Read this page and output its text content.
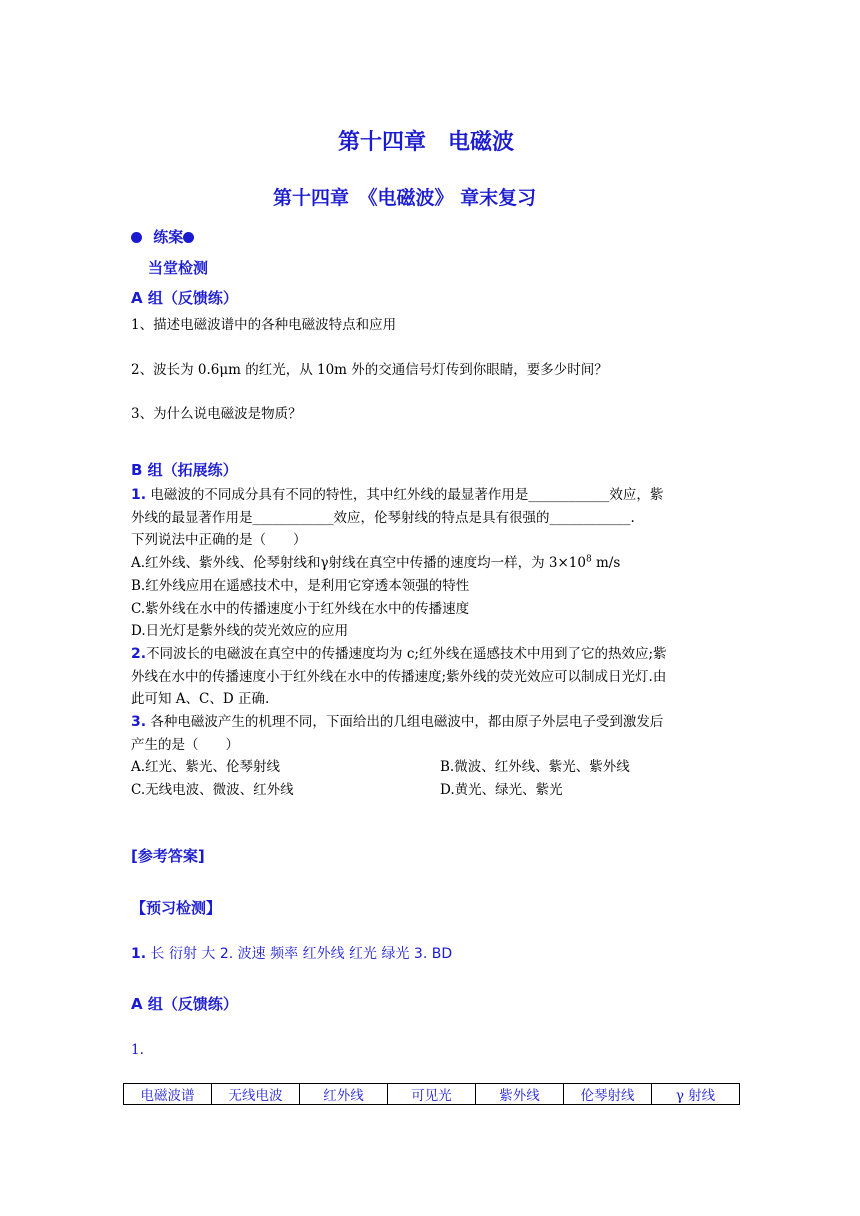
第十四章　电磁波
第十四章　《电磁波》 章末复习
练案
当堂检测
A 组（反馈练）
1、描述电磁波谱中的各种电磁波特点和应用
2、波长为 0.6μm 的红光，从 10m 外的交通信号灯传到你眼睛，要多少时间？
3、为什么说电磁波是物质？
B 组（拓展练）
1. 电磁波的不同成分具有不同的特性，其中红外线的最显著作用是____________效应，紫
外线的最显著作用是____________效应，伦琴射线的特点是具有很强的____________.
下列说法中正确的是（　　）
A.红外线、紫外线、伦琴射线和γ射线在真空中传播的速度均一样，为 $3\times 10^8$ m/s
B.红外线应用在遥感技术中，是利用它穿透本领强的特性
C.紫外线在水中的传播速度小于红外线在水中的传播速度
D.日光灯是紫外线的荧光效应的应用
2.不同波长的电磁波在真空中的传播速度均为 c;红外线在遥感技术中用到了它的热效应;紫
外线在水中的传播速度小于红外线在水中的传播速度;紫外线的荧光效应可以制成日光灯.由
此可知 A、C、D 正确.
3. 各种电磁波产生的机理不同，下面给出的几组电磁波中，都由原子外层电子受到激发后
产生的是（　　）
A.红光、紫光、伦琴射线	B.微波、红外线、紫光、紫外线
C.无线电波、微波、红外线	D.黄光、绿光、紫光
[参考答案]
【预习检测】
1. 长 衍射 大 2. 波速 频率 红外线 红光 绿光 3. BD
A 组（反馈练）
1.
电磁波谱	无线电波	红外线	可见光	紫外线	伦琴射线	γ 射线
